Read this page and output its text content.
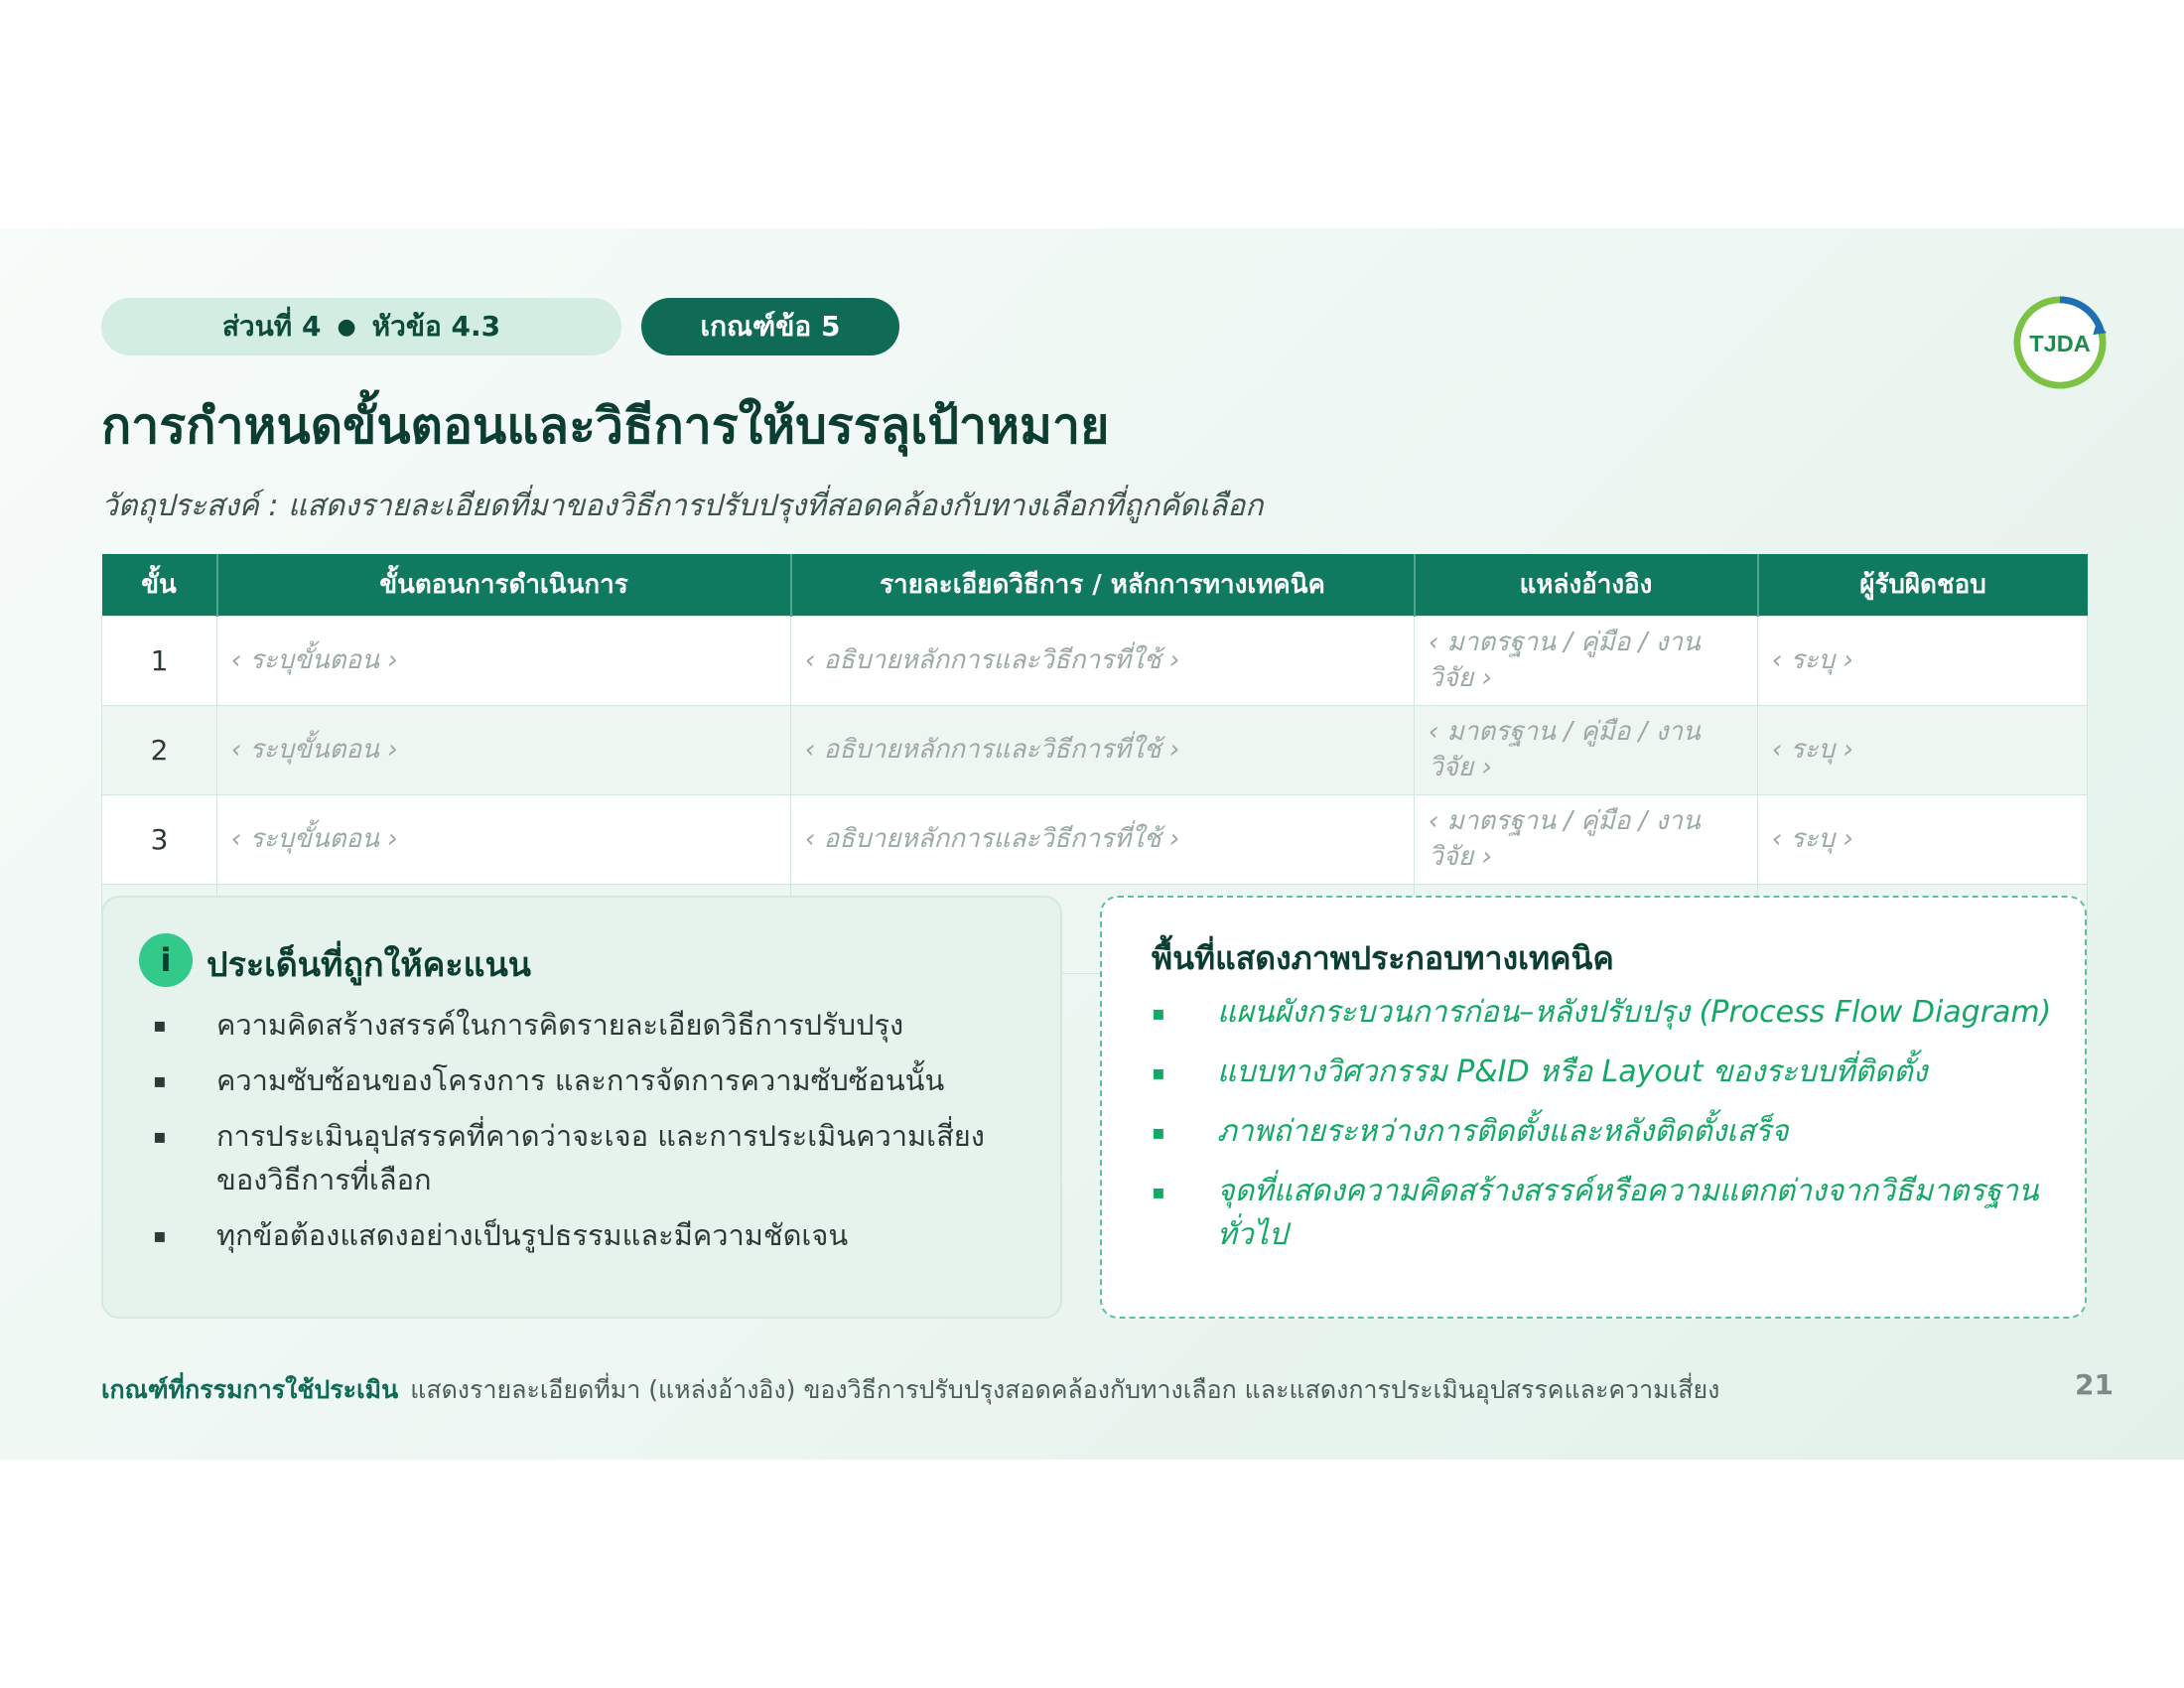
ส่วนที่ 4 ● หัวข้อ 4.3	เกณฑ์ข้อ 5
TJDA
การกำหนดขั้นตอนและวิธีการให้บรรลุเป้าหมาย
วัตถุประสงค์ : แสดงรายละเอียดที่มาของวิธีการปรับปรุงที่สอดคล้องกับทางเลือกที่ถูกคัดเลือก
ขั้น	ขั้นตอนการดำเนินการ	รายละเอียดวิธีการ / หลักการทางเทคนิค	แหล่งอ้างอิง	ผู้รับผิดชอบ
1	‹ ระบุขั้นตอน ›	‹ อธิบายหลักการและวิธีการที่ใช้ ›	‹ มาตรฐาน / คู่มือ / งานวิจัย ›	‹ ระบุ ›
2	‹ ระบุขั้นตอน ›	‹ อธิบายหลักการและวิธีการที่ใช้ ›	‹ มาตรฐาน / คู่มือ / งานวิจัย ›	‹ ระบุ ›
3	‹ ระบุขั้นตอน ›	‹ อธิบายหลักการและวิธีการที่ใช้ ›	‹ มาตรฐาน / คู่มือ / งานวิจัย ›	‹ ระบุ ›

i	ประเด็นที่ถูกให้คะแนน
▪ ความคิดสร้างสรรค์ในการคิดรายละเอียดวิธีการปรับปรุง
▪ ความซับซ้อนของโครงการ และการจัดการความซับซ้อนนั้น
▪ การประเมินอุปสรรคที่คาดว่าจะเจอ และการประเมินความเสี่ยงของวิธีการที่เลือก
▪ ทุกข้อต้องแสดงอย่างเป็นรูปธรรมและมีความชัดเจน
พื้นที่แสดงภาพประกอบทางเทคนิค
▪ แผนผังกระบวนการก่อน–หลังปรับปรุง (Process Flow Diagram)
▪ แบบทางวิศวกรรม P&ID หรือ Layout ของระบบที่ติดตั้ง
▪ ภาพถ่ายระหว่างการติดตั้งและหลังติดตั้งเสร็จ
▪ จุดที่แสดงความคิดสร้างสรรค์หรือความแตกต่างจากวิธีมาตรฐานทั่วไป
เกณฑ์ที่กรรมการใช้ประเมิน แสดงรายละเอียดที่มา (แหล่งอ้างอิง) ของวิธีการปรับปรุงสอดคล้องกับทางเลือก และแสดงการประเมินอุปสรรคและความเสี่ยง	21
